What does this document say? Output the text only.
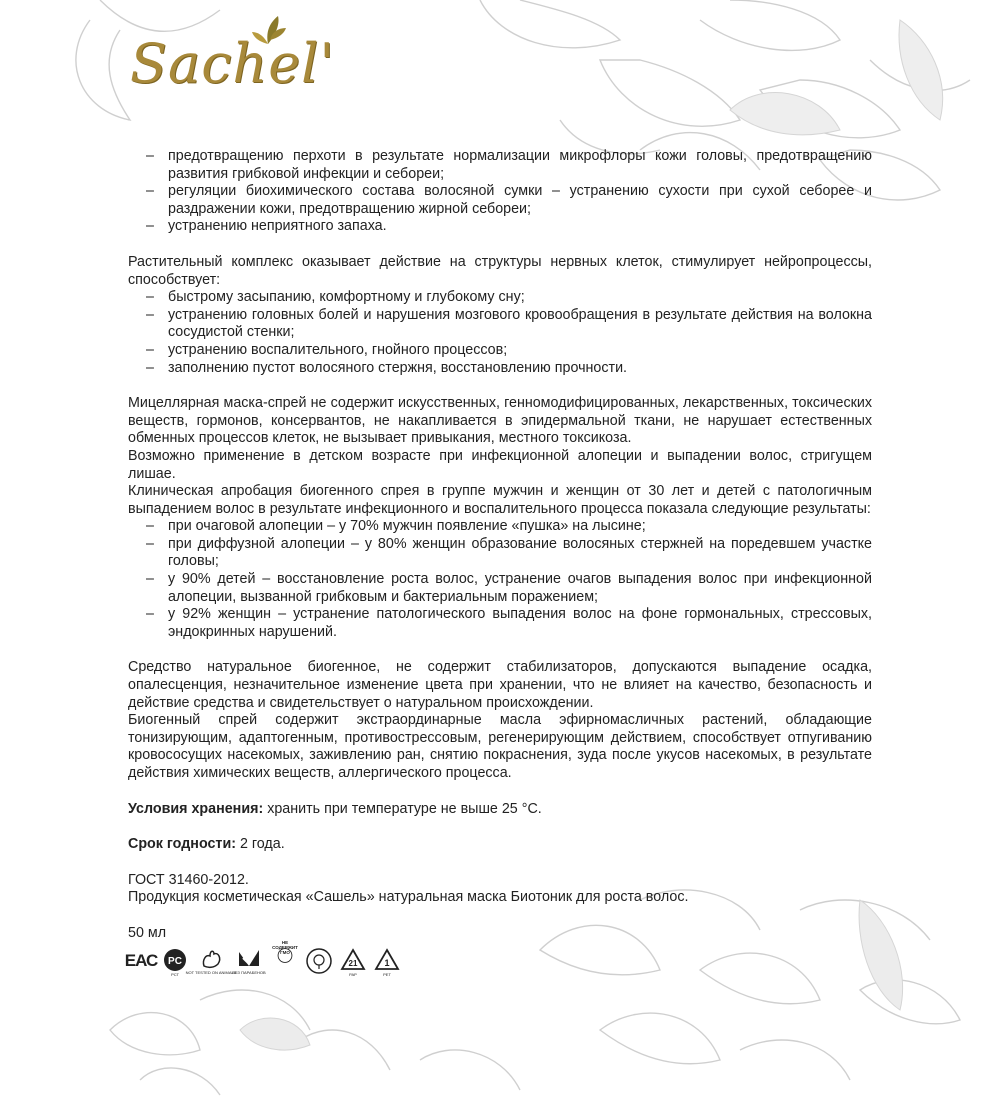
Sachel'
– предотвращению перхоти в результате нормализации микрофлоры кожи головы, предотвращению развития грибковой инфекции и себореи;
– регуляции биохимического состава волосяной сумки – устранению сухости при сухой себорее и раздражении кожи, предотвращению жирной себореи;
– устранению неприятного запаха.

Растительный комплекс оказывает действие на структуры нервных клеток, стимулирует нейропроцессы, способствует:

– быстрому засыпанию, комфортному и глубокому сну;
– устранению головных болей и нарушения мозгового кровообращения в результате действия на волокна сосудистой стенки;
– устранению воспалительного, гнойного процессов;
– заполнению пустот волосяного стержня, восстановлению прочности.

Мицеллярная маска-спрей не содержит искусственных, генномодифицированных, лекарственных, токсических веществ, гормонов, консервантов, не накапливается в эпидермальной ткани, не нарушает естественных обменных процессов клеток, не вызывает привыкания, местного токсикоза.

Возможно применение в детском возрасте при инфекционной алопеции и выпадении волос, стригущем лишае.

Клиническая апробация биогенного спрея в группе мужчин и женщин от 30 лет и детей с патологичным выпадением волос в результате инфекционного и воспалительного процесса показала следующие результаты:

– при очаговой алопеции – у 70% мужчин появление «пушка» на лысине;
– при диффузной алопеции – у 80% женщин образование волосяных стержней на поредевшем участке головы;
– у 90% детей – восстановление роста волос, устранение очагов выпадения волос при инфекционной алопеции, вызванной грибковым и бактериальным поражением;
– у 92% женщин – устранение патологического выпадения волос на фоне гормональных, стрессовых, эндокринных нарушений.

Средство натуральное биогенное, не содержит стабилизаторов, допускаются выпадение осадка, опалесценция, незначительное изменение цвета при хранении, что не влияет на качество, безопасность и действие средства и свидетельствует о натуральном происхождении.

Биогенный спрей содержит экстраординарные масла эфирномасличных растений, обладающие тонизирующим, адаптогенным, противострессовым, регенерирующим действием, способствует отпугиванию кровососущих насекомых, заживлению ран, снятию покраснения, зуда после укусов насекомых, в результате действия химических веществ, аллергического процесса.

Условия хранения: хранить при температуре не выше 25 °С.

Срок годности: 2 года.

ГОСТ 31460-2012.

Продукция косметическая «Сашель» натуральная маска Биотоник для роста волос.

50 мл

ЕАС PC
РСТ NOT TESTED ON ANIMALS
БЕЗ ПАРАБЕНОВ
НЕ
СОДЕРЖИТ
ГМО
21
PAP
1
PET
